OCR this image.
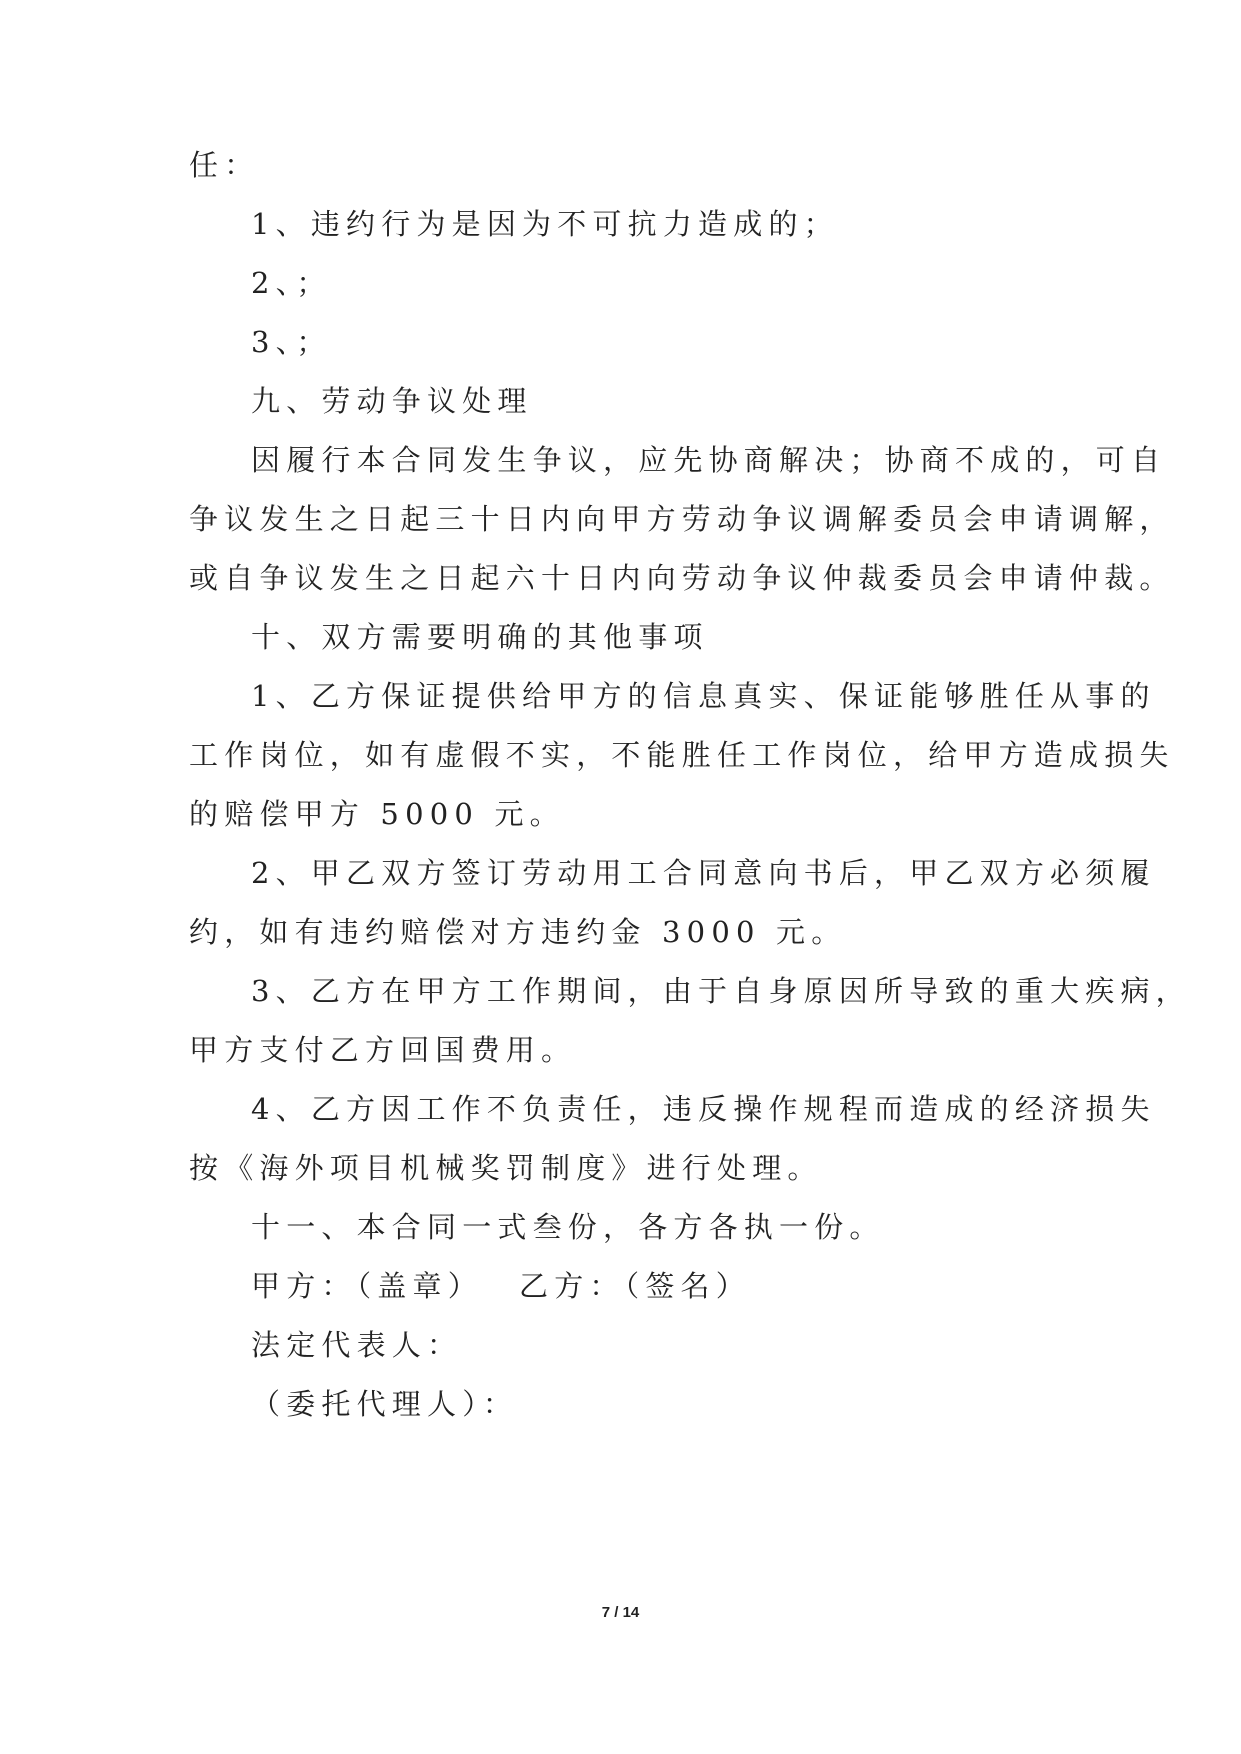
任：
1、违约行为是因为不可抗力造成的；
2、；
3、；
九、劳动争议处理
因履行本合同发生争议，应先协商解决；协商不成的，可自
争议发生之日起三十日内向甲方劳动争议调解委员会申请调解，
或自争议发生之日起六十日内向劳动争议仲裁委员会申请仲裁。
十、双方需要明确的其他事项
1、乙方保证提供给甲方的信息真实、保证能够胜任从事的
工作岗位，如有虚假不实，不能胜任工作岗位，给甲方造成损失
的赔偿甲方 5000 元。
2、甲乙双方签订劳动用工合同意向书后，甲乙双方必须履
约，如有违约赔偿对方违约金 3000 元。
3、乙方在甲方工作期间，由于自身原因所导致的重大疾病，
甲方支付乙方回国费用。
4、乙方因工作不负责任，违反操作规程而造成的经济损失
按《海外项目机械奖罚制度》进行处理。
十一、本合同一式叁份，各方各执一份。
甲方：（盖章）　 乙方：（签名）
法定代表人：
（委托代理人）：
7 / 14
